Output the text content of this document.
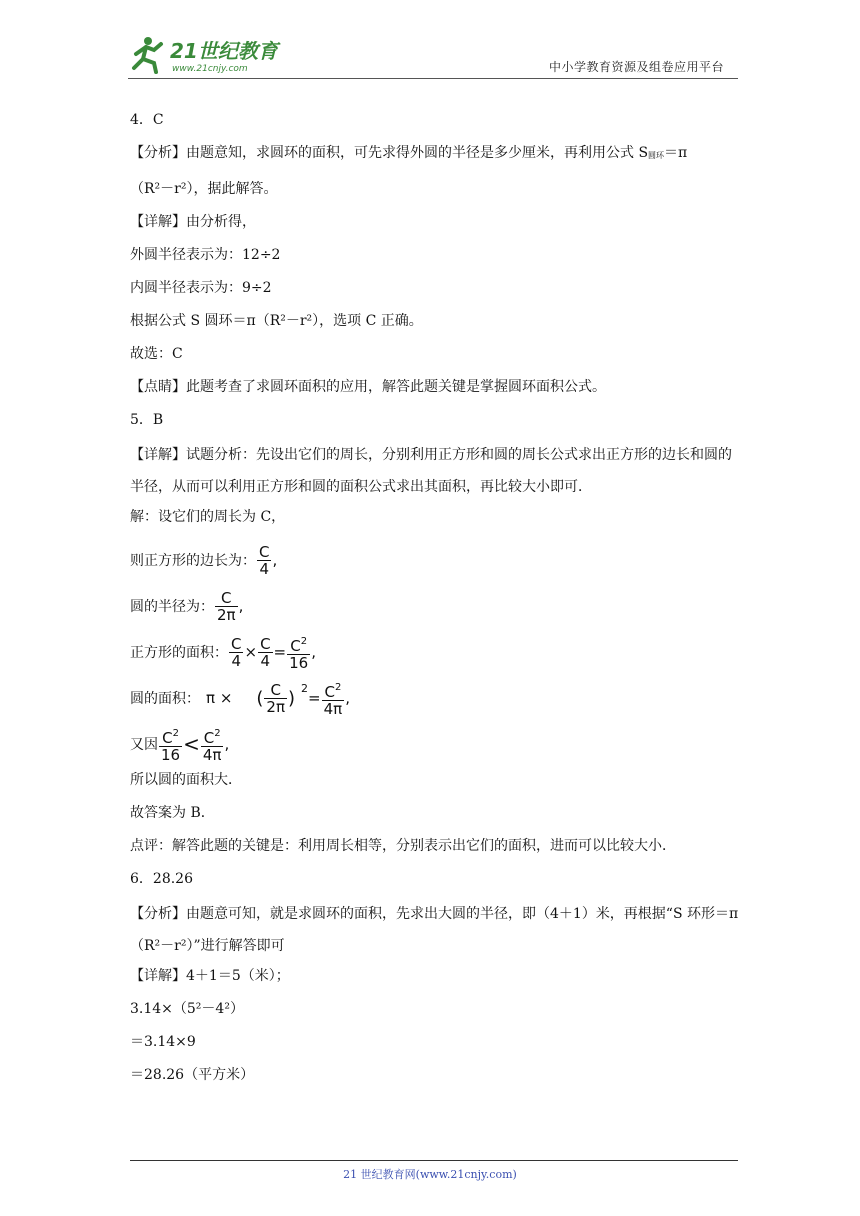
21世纪教育
www.21cnjy.com	中小学教育资源及组卷应用平台

4．C

【分析】由题意知，求圆环的面积，可先求得外圆的半径是多少厘米，再利用公式 S圆环＝π

（R²－r²），据此解答。

【详解】由分析得，

外圆半径表示为：12÷2

内圆半径表示为：9÷2

根据公式 S 圆环＝π（R²－r²），选项 C 正确。

故选：C

【点睛】此题考查了求圆环面积的应用，解答此题关键是掌握圆环面积公式。

5．B

【详解】试题分析：先设出它们的周长，分别利用正方形和圆的周长公式求出正方形的边长和圆的半径，从而可以利用正方形和圆的面积公式求出其面积，再比较大小即可．

解：设它们的周长为 C，

则正方形的边长为： $\frac{C}{4}$ ,
圆的半径为： $\frac{C}{2\pi}$ ,
正方形的面积： $\frac{C}{4} \times \frac{C}{4} = \frac{C^2}{16}$ ,
圆的面积： π × ( $\frac{C}{2\pi}$ ) 2
= $\frac{C^2}{4\pi}$ ,
又因 $\frac{C^2}{16} < \frac{C^2}{4\pi}$ ,

所以圆的面积大．

故答案为 B．

点评：解答此题的关键是：利用周长相等，分别表示出它们的面积，进而可以比较大小．

6．28.26

【分析】由题意可知，就是求圆环的面积，先求出大圆的半径，即（4＋1）米，再根据“S 环形＝π（R²－r²）”进行解答即可

【详解】4＋1＝5（米）；

3.14×（5²－4²）

＝3.14×9

＝28.26（平方米）

21 世纪教育网(www.21cnjy.com)
